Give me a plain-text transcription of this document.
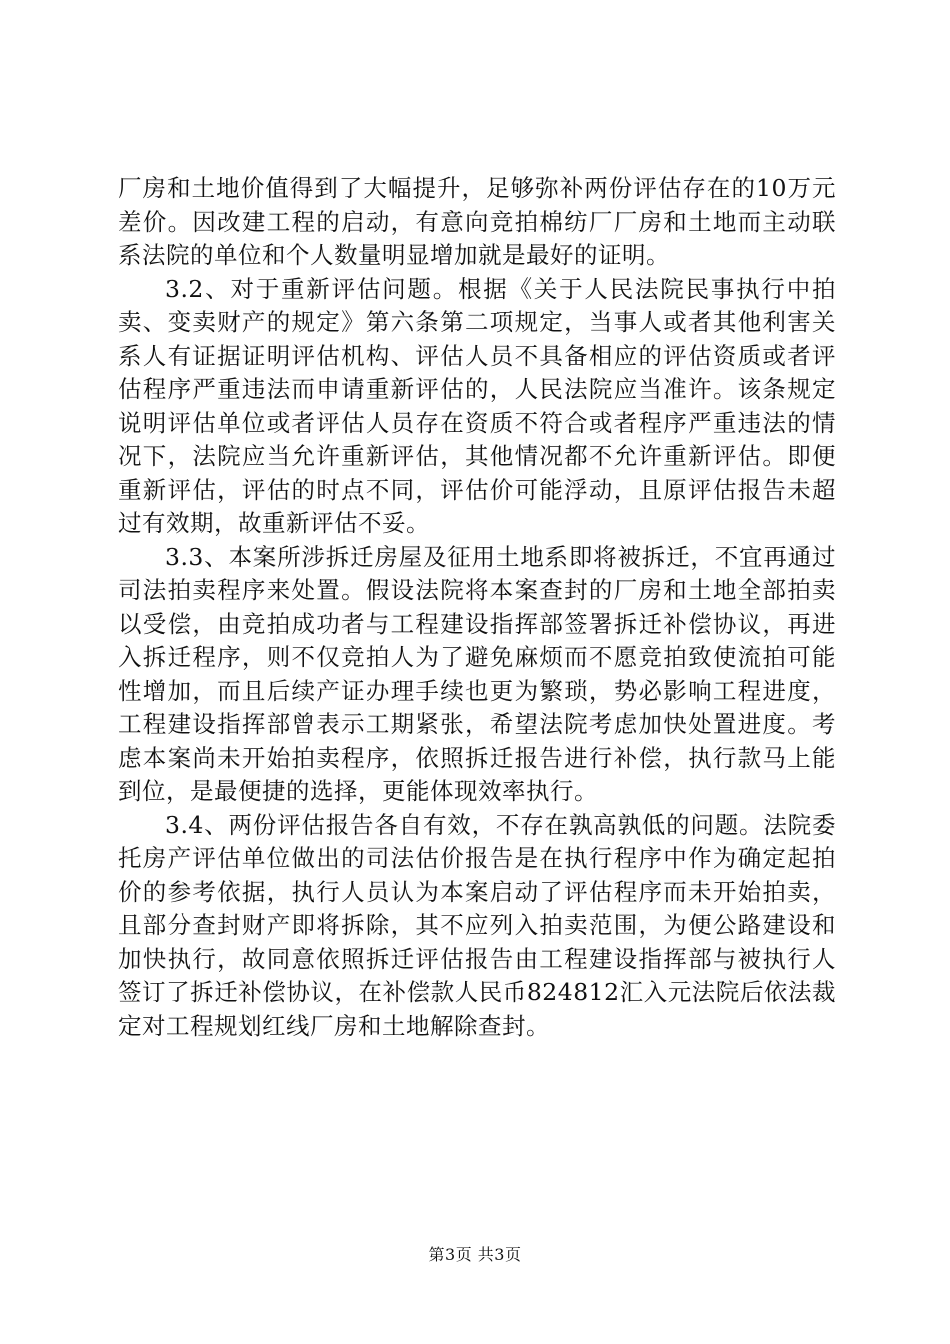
厂房和土地价值得到了大幅提升，足够弥补两份评估存在的10万元差价。因改建工程的启动，有意向竞拍棉纺厂厂房和土地而主动联系法院的单位和个人数量明显增加就是最好的证明。

3.2、对于重新评估问题。根据《关于人民法院民事执行中拍卖、变卖财产的规定》第六条第二项规定，当事人或者其他利害关系人有证据证明评估机构、评估人员不具备相应的评估资质或者评估程序严重违法而申请重新评估的，人民法院应当准许。该条规定说明评估单位或者评估人员存在资质不符合或者程序严重违法的情况下，法院应当允许重新评估，其他情况都不允许重新评估。即便重新评估，评估的时点不同，评估价可能浮动，且原评估报告未超过有效期，故重新评估不妥。

3.3、本案所涉拆迁房屋及征用土地系即将被拆迁，不宜再通过司法拍卖程序来处置。假设法院将本案查封的厂房和土地全部拍卖以受偿，由竞拍成功者与工程建设指挥部签署拆迁补偿协议，再进入拆迁程序，则不仅竞拍人为了避免麻烦而不愿竞拍致使流拍可能性增加，而且后续产证办理手续也更为繁琐，势必影响工程进度，工程建设指挥部曾表示工期紧张，希望法院考虑加快处置进度。考虑本案尚未开始拍卖程序，依照拆迁报告进行补偿，执行款马上能到位，是最便捷的选择，更能体现效率执行。

3.4、两份评估报告各自有效，不存在孰高孰低的问题。法院委托房产评估单位做出的司法估价报告是在执行程序中作为确定起拍价的参考依据，执行人员认为本案启动了评估程序而未开始拍卖，且部分查封财产即将拆除，其不应列入拍卖范围，为便公路建设和加快执行，故同意依照拆迁评估报告由工程建设指挥部与被执行人签订了拆迁补偿协议，在补偿款人民币824812汇入元法院后依法裁定对工程规划红线厂房和土地解除查封。

第3页 共3页
